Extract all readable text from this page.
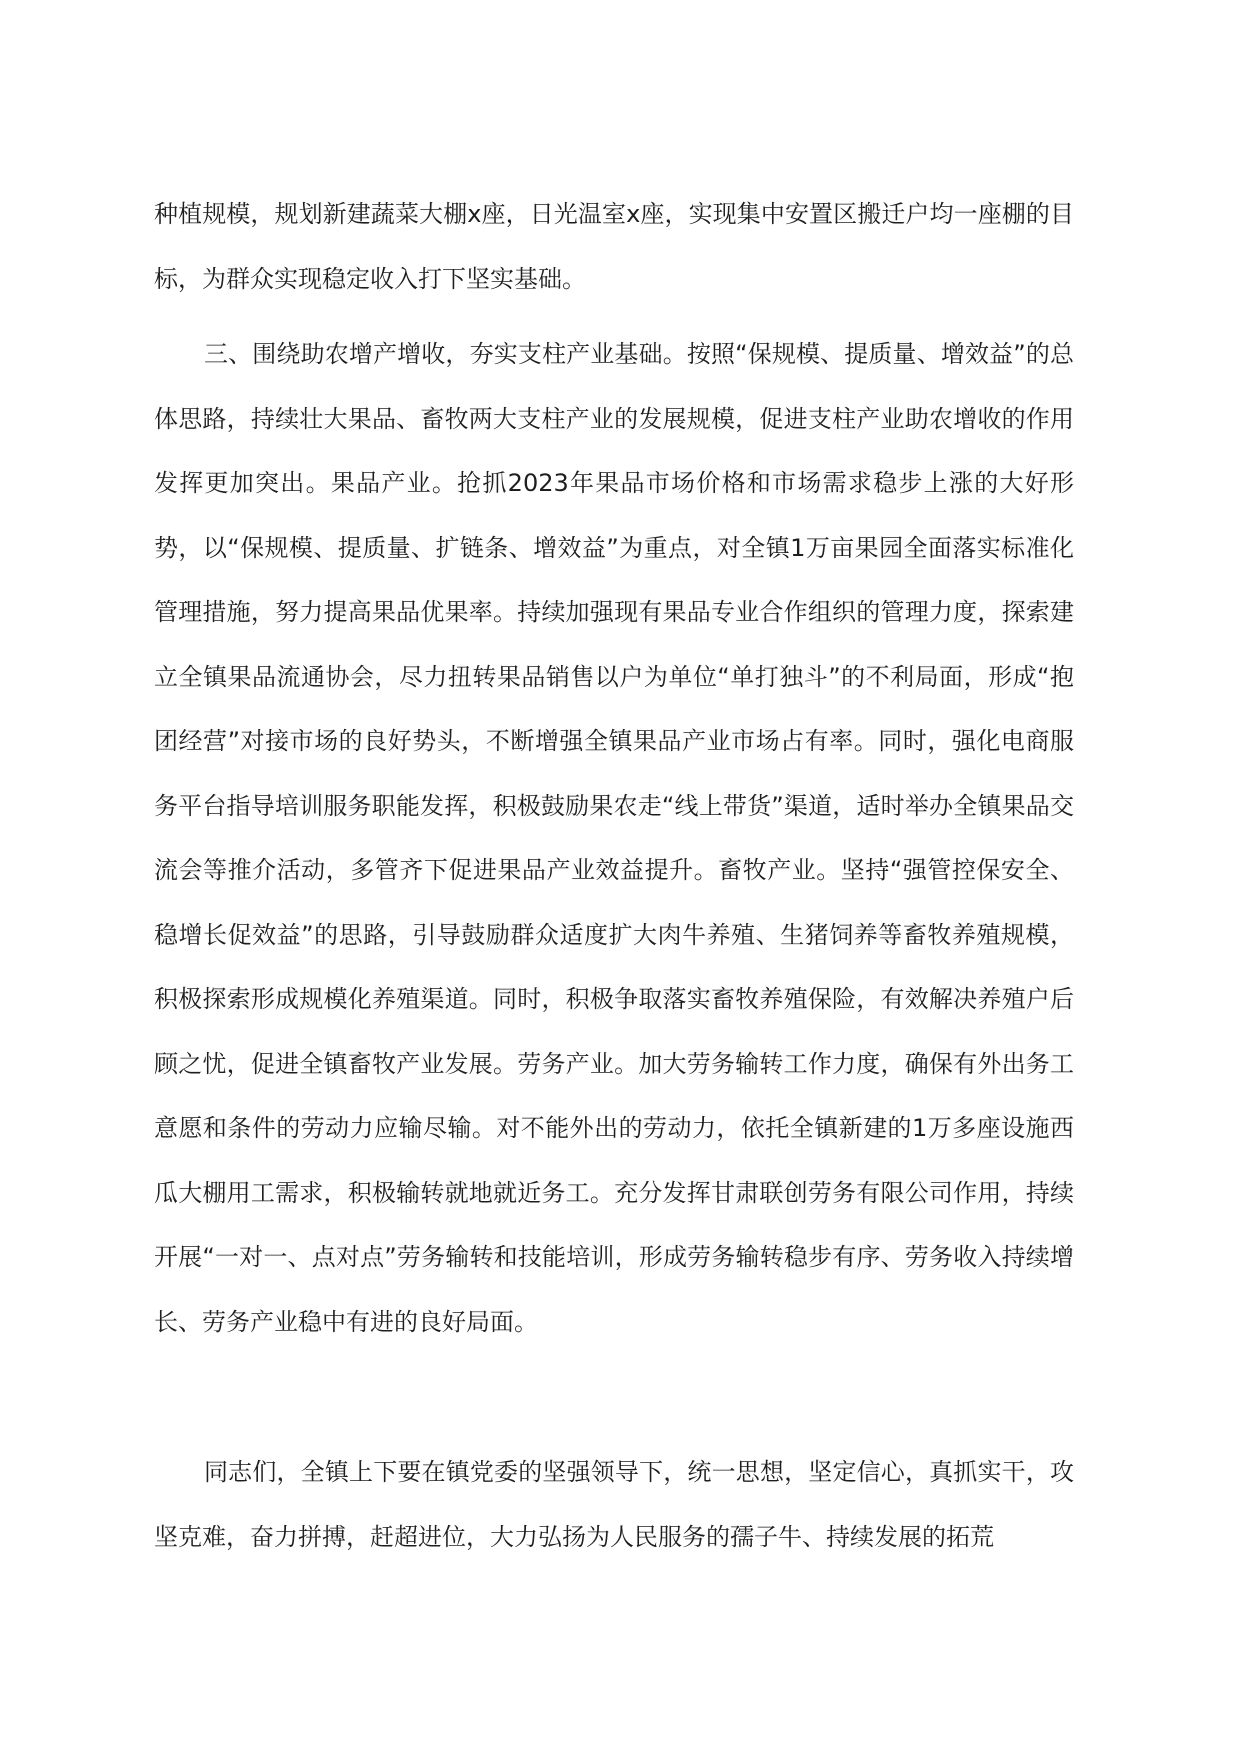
种植规模，规划新建蔬菜大棚x座，日光温室x座，实现集中安置区搬迁户均一座棚的目标，为群众实现稳定收入打下坚实基础。

三、围绕助农增产增收，夯实支柱产业基础。按照“保规模、提质量、增效益”的总体思路，持续壮大果品、畜牧两大支柱产业的发展规模，促进支柱产业助农增收的作用发挥更加突出。果品产业。抢抓2023年果品市场价格和市场需求稳步上涨的大好形势，以“保规模、提质量、扩链条、增效益”为重点，对全镇1万亩果园全面落实标准化管理措施，努力提高果品优果率。持续加强现有果品专业合作组织的管理力度，探索建立全镇果品流通协会，尽力扭转果品销售以户为单位“单打独斗”的不利局面，形成“抱团经营”对接市场的良好势头，不断增强全镇果品产业市场占有率。同时，强化电商服务平台指导培训服务职能发挥，积极鼓励果农走“线上带货”渠道，适时举办全镇果品交流会等推介活动，多管齐下促进果品产业效益提升。畜牧产业。坚持“强管控保安全、稳增长促效益”的思路，引导鼓励群众适度扩大肉牛养殖、生猪饲养等畜牧养殖规模，积极探索形成规模化养殖渠道。同时，积极争取落实畜牧养殖保险，有效解决养殖户后顾之忧，促进全镇畜牧产业发展。劳务产业。加大劳务输转工作力度，确保有外出务工意愿和条件的劳动力应输尽输。对不能外出的劳动力，依托全镇新建的1万多座设施西瓜大棚用工需求，积极输转就地就近务工。充分发挥甘肃联创劳务有限公司作用，持续开展“一对一、点对点”劳务输转和技能培训，形成劳务输转稳步有序、劳务收入持续增长、劳务产业稳中有进的良好局面。

同志们，全镇上下要在镇党委的坚强领导下，统一思想，坚定信心，真抓实干，攻坚克难，奋力拼搏，赶超进位，大力弘扬为人民服务的孺子牛、持续发展的拓荒
